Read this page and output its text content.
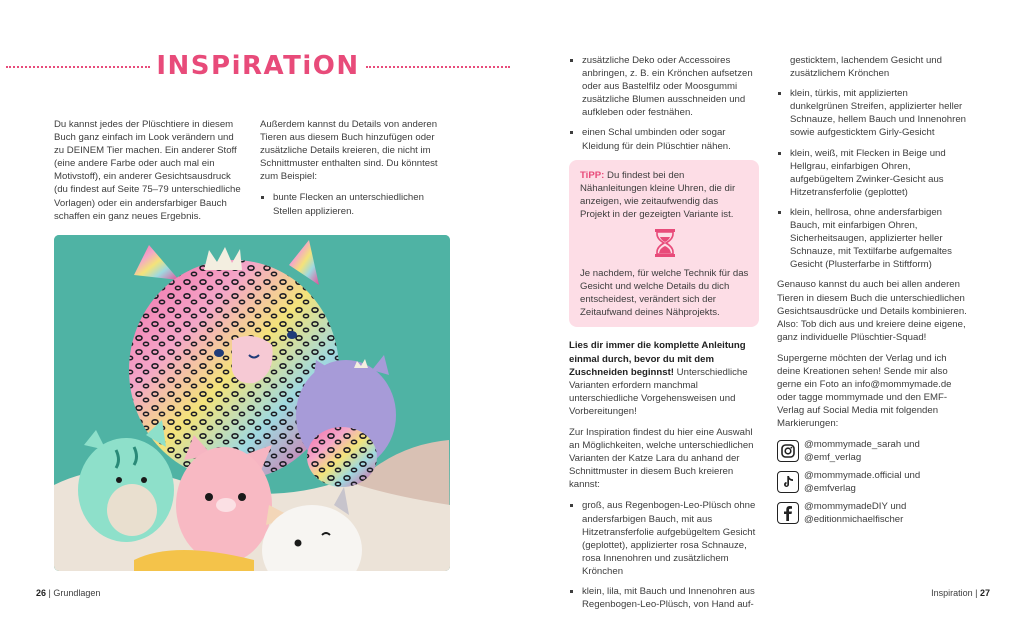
INSPiRATiON

Du kannst jedes der Plüschtiere in diesem Buch ganz einfach im Look verändern und zu DEINEM Tier machen. Ein anderer Stoff (eine andere Farbe oder auch mal ein Motivstoff), ein anderer Gesichtsausdruck (du findest auf Seite 75–79 unterschiedliche Vorlagen) oder ein andersfarbiger Bauch schaffen ein ganz neues Ergebnis.

Außerdem kannst du Details von anderen Tieren aus diesem Buch hinzufügen oder zusätzliche Details kreieren, die nicht im Schnittmuster enthalten sind. Du könntest zum Beispiel:

bunte Flecken an unterschiedlichen Stellen applizieren.
26 | Grundlagen
zusätzliche Deko oder Accessoires anbringen, z. B. ein Krönchen aufsetzen oder aus Bastelfilz oder Moosgummi zusätzliche Blumen ausschneiden und aufkleben oder festnähen.
einen Schal umbinden oder sogar Kleidung für dein Plüschtier nähen.

TiPP: Du findest bei den Nähanleitungen kleine Uhren, die dir anzeigen, wie zeitaufwendig das Projekt in der gezeigten Variante ist.

Je nachdem, für welche Technik für das Gesicht und welche Details du dich entscheidest, verändert sich der Zeitaufwand deines Nähprojekts.

Lies dir immer die komplette Anleitung einmal durch, bevor du mit dem Zuschneiden beginnst! Unterschiedliche Varianten erfordern manchmal unterschiedliche Vorgehensweisen und Vorbereitungen!

Zur Inspiration findest du hier eine Auswahl an Möglichkeiten, welche unterschiedlichen Varianten der Katze Lara du anhand der Schnittmuster in diesem Buch kreieren kannst:

groß, aus Regenbogen-Leo-Plüsch ohne andersfarbigen Bauch, mit aus Hitzetransferfolie aufgebügeltem Gesicht (geplottet), applizierter rosa Schnauze, rosa Innenohren und zusätzlichem Krönchen
klein, lila, mit Bauch und Innenohren aus Regenbogen-Leo-Plüsch, von Hand auf-

gesticktem, lachendem Gesicht und zusätzlichem Krönchen

klein, türkis, mit applizierten dunkelgrünen Streifen, applizierter heller Schnauze, hellem Bauch und Innenohren sowie aufgesticktem Girly-Gesicht
klein, weiß, mit Flecken in Beige und Hellgrau, einfarbigen Ohren, aufgebügeltem Zwinker-Gesicht aus Hitzetransferfolie (geplottet)
klein, hellrosa, ohne andersfarbigen Bauch, mit einfarbigen Ohren, Sicherheitsaugen, applizierter heller Schnauze, mit Textilfarbe aufgemaltes Gesicht (Plusterfarbe in Stiftform)

Genauso kannst du auch bei allen anderen Tieren in diesem Buch die unterschiedlichen Gesichtsausdrücke und Details kombinieren. Also: Tob dich aus und kreiere deine eigene, ganz individuelle Plüschtier-Squad!

Supergerne möchten der Verlag und ich deine Kreationen sehen! Sende mir also gerne ein Foto an info@mommymade.de oder tagge mommymade und den EMF-Verlag auf Social Media mit folgenden Markierungen:

@mommymade_sarah und
@emf_verlag
@mommymade.official und
@emfverlag
@mommymadeDIY und
@editionmichaelfischer
Inspiration | 27
